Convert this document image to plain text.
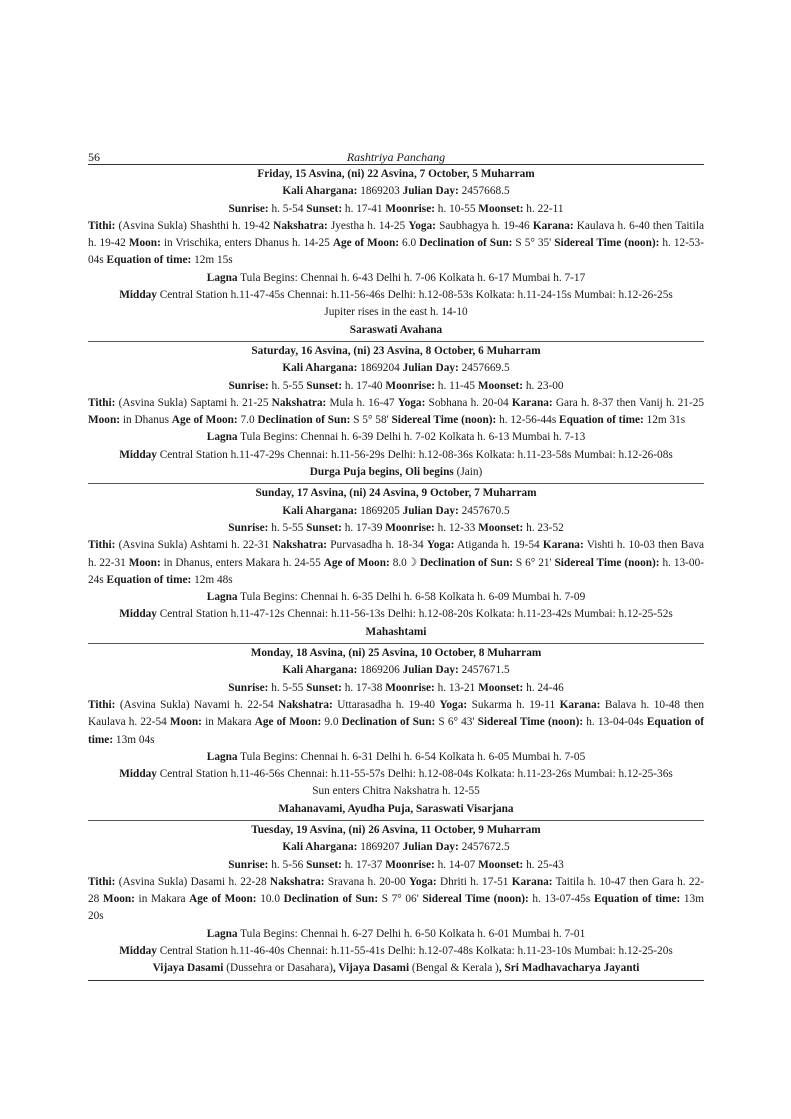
56	Rashtriya Panchang
Friday, 15 Asvina, (ni) 22 Asvina, 7 October, 5 Muharram
Kali Ahargana: 1869203 Julian Day: 2457668.5
Sunrise: h. 5-54 Sunset: h. 17-41 Moonrise: h. 10-55 Moonset: h. 22-11
Tithi: (Asvina Sukla) Shashthi h. 19-42 Nakshatra: Jyestha h. 14-25 Yoga: Saubhagya h. 19-46 Karana: Kaulava h. 6-40 then Taitila h. 19-42 Moon: in Vrischika, enters Dhanus h. 14-25 Age of Moon: 6.0 Declination of Sun: S 5° 35' Sidereal Time (noon): h. 12-53-04s Equation of time: 12m 15s
Lagna Tula Begins: Chennai h. 6-43 Delhi h. 7-06 Kolkata h. 6-17 Mumbai h. 7-17
Midday Central Station h.11-47-45s Chennai: h.11-56-46s Delhi: h.12-08-53s Kolkata: h.11-24-15s Mumbai: h.12-26-25s
Jupiter rises in the east h. 14-10
Saraswati Avahana
Saturday, 16 Asvina, (ni) 23 Asvina, 8 October, 6 Muharram
Kali Ahargana: 1869204 Julian Day: 2457669.5
Sunrise: h. 5-55 Sunset: h. 17-40 Moonrise: h. 11-45 Moonset: h. 23-00
Tithi: (Asvina Sukla) Saptami h. 21-25 Nakshatra: Mula h. 16-47 Yoga: Sobhana h. 20-04 Karana: Gara h. 8-37 then Vanij h. 21-25 Moon: in Dhanus Age of Moon: 7.0 Declination of Sun: S 5° 58' Sidereal Time (noon): h. 12-56-44s Equation of time: 12m 31s
Lagna Tula Begins: Chennai h. 6-39 Delhi h. 7-02 Kolkata h. 6-13 Mumbai h. 7-13
Midday Central Station h.11-47-29s Chennai: h.11-56-29s Delhi: h.12-08-36s Kolkata: h.11-23-58s Mumbai: h.12-26-08s
Durga Puja begins, Oli begins (Jain)
Sunday, 17 Asvina, (ni) 24 Asvina, 9 October, 7 Muharram
Kali Ahargana: 1869205 Julian Day: 2457670.5
Sunrise: h. 5-55 Sunset: h. 17-39 Moonrise: h. 12-33 Moonset: h. 23-52
Tithi: (Asvina Sukla) Ashtami h. 22-31 Nakshatra: Purvasadha h. 18-34 Yoga: Atiganda h. 19-54 Karana: Vishti h. 10-03 then Bava h. 22-31 Moon: in Dhanus, enters Makara h. 24-55 Age of Moon: 8.0☽ Declination of Sun: S 6° 21' Sidereal Time (noon): h. 13-00-24s Equation of time: 12m 48s
Lagna Tula Begins: Chennai h. 6-35 Delhi h. 6-58 Kolkata h. 6-09 Mumbai h. 7-09
Midday Central Station h.11-47-12s Chennai: h.11-56-13s Delhi: h.12-08-20s Kolkata: h.11-23-42s Mumbai: h.12-25-52s
Mahashtami
Monday, 18 Asvina, (ni) 25 Asvina, 10 October, 8 Muharram
Kali Ahargana: 1869206 Julian Day: 2457671.5
Sunrise: h. 5-55 Sunset: h. 17-38 Moonrise: h. 13-21 Moonset: h. 24-46
Tithi: (Asvina Sukla) Navami h. 22-54 Nakshatra: Uttarasadha h. 19-40 Yoga: Sukarma h. 19-11 Karana: Balava h. 10-48 then Kaulava h. 22-54 Moon: in Makara Age of Moon: 9.0 Declination of Sun: S 6° 43' Sidereal Time (noon): h. 13-04-04s Equation of time: 13m 04s
Lagna Tula Begins: Chennai h. 6-31 Delhi h. 6-54 Kolkata h. 6-05 Mumbai h. 7-05
Midday Central Station h.11-46-56s Chennai: h.11-55-57s Delhi: h.12-08-04s Kolkata: h.11-23-26s Mumbai: h.12-25-36s
Sun enters Chitra Nakshatra h. 12-55
Mahanavami, Ayudha Puja, Saraswati Visarjana
Tuesday, 19 Asvina, (ni) 26 Asvina, 11 October, 9 Muharram
Kali Ahargana: 1869207 Julian Day: 2457672.5
Sunrise: h. 5-56 Sunset: h. 17-37 Moonrise: h. 14-07 Moonset: h. 25-43
Tithi: (Asvina Sukla) Dasami h. 22-28 Nakshatra: Sravana h. 20-00 Yoga: Dhriti h. 17-51 Karana: Taitila h. 10-47 then Gara h. 22-28 Moon: in Makara Age of Moon: 10.0 Declination of Sun: S 7° 06' Sidereal Time (noon): h. 13-07-45s Equation of time: 13m 20s
Lagna Tula Begins: Chennai h. 6-27 Delhi h. 6-50 Kolkata h. 6-01 Mumbai h. 7-01
Midday Central Station h.11-46-40s Chennai: h.11-55-41s Delhi: h.12-07-48s Kolkata: h.11-23-10s Mumbai: h.12-25-20s
Vijaya Dasami (Dussehra or Dasahara), Vijaya Dasami (Bengal & Kerala ), Sri Madhavacharya Jayanti
